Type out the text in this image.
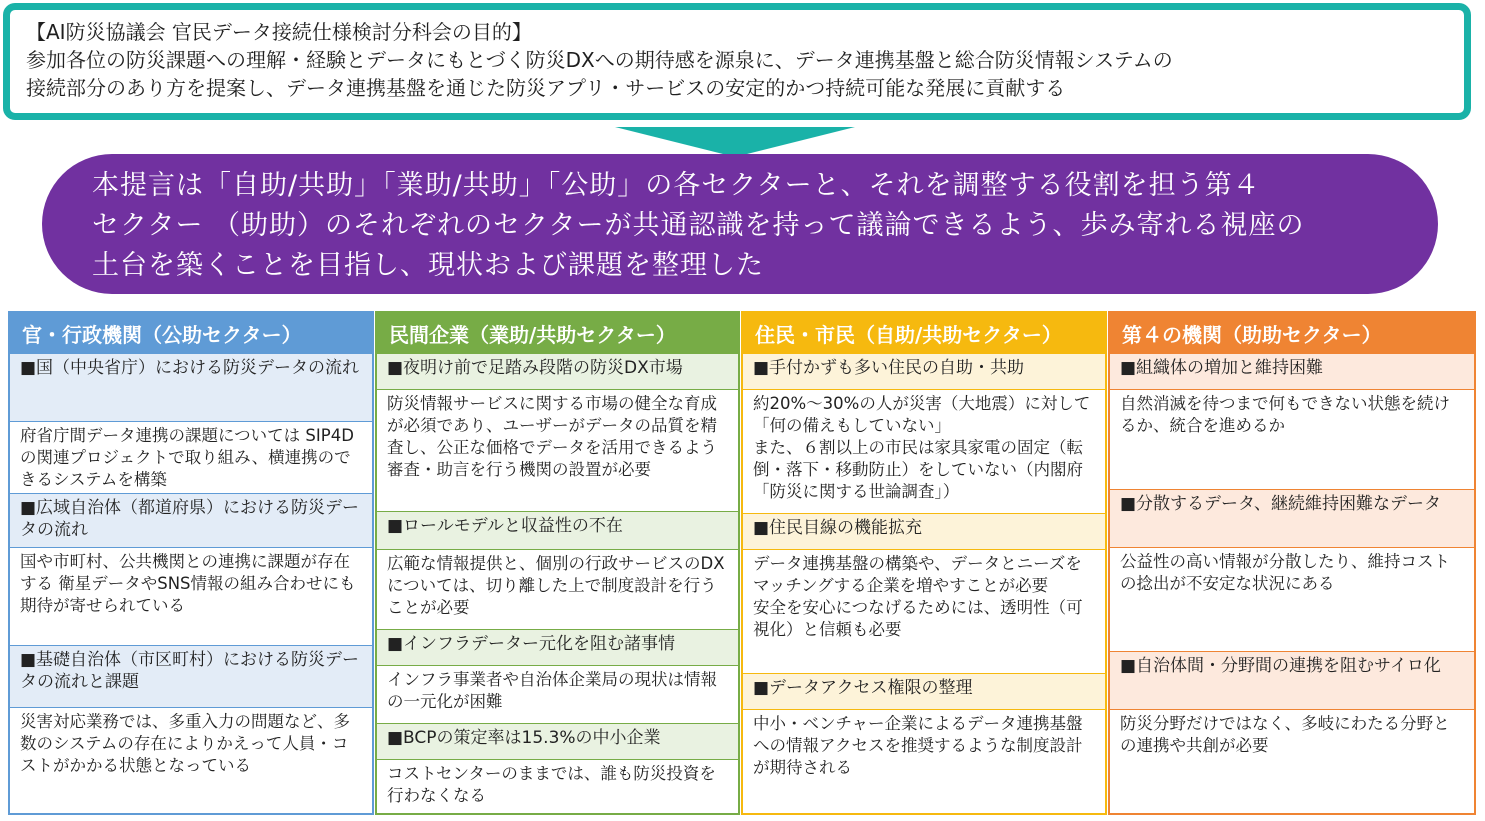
【AI防災協議会 官民データ接続仕様検討分科会の目的】
参加各位の防災課題への理解・経験とデータにもとづく防災DXへの期待感を源泉に、データ連携基盤と総合防災情報システムの
接続部分のあり方を提案し、データ連携基盤を通じた防災アプリ・サービスの安定的かつ持続可能な発展に貢献する
本提言は「自助/共助」「業助/共助」「公助」の各セクターと、それを調整する役割を担う第４
セクター （助助）のそれぞれのセクターが共通認識を持って議論できるよう、歩み寄れる視座の
土台を築くことを目指し、現状および課題を整理した
官・行政機関（公助セクター）
■国（中央省庁）における防災データの流れ
府省庁間データ連携の課題については SIP4Dの関連プロジェクトで取り組み、横連携のできるシステムを構築
■広域自治体（都道府県）における防災データの流れ
国や市町村、公共機関との連携に課題が存在する 衛星データやSNS情報の組み合わせにも期待が寄せられている
■基礎自治体（市区町村）における防災データの流れと課題
災害対応業務では、多重入力の問題など、多数のシステムの存在によりかえって人員・コストがかかる状態となっている
民間企業（業助/共助セクター）
■夜明け前で足踏み段階の防災DX市場
防災情報サービスに関する市場の健全な育成が必須であり、ユーザーがデータの品質を精査し、公正な価格でデータを活用できるよう審査・助言を行う機関の設置が必要
■ロールモデルと収益性の不在
広範な情報提供と、個別の行政サービスのDXについては、切り離した上で制度設計を行うことが必要
■インフラデーター元化を阻む諸事情
インフラ事業者や自治体企業局の現状は情報の一元化が困難
■BCPの策定率は15.3%の中小企業
コストセンターのままでは、誰も防災投資を行わなくなる
住民・市民（自助/共助セクター）
■手付かずも多い住民の自助・共助
約20%～30%の人が災害（大地震）に対して「何の備えもしていない」
また、６割以上の市民は家具家電の固定（転倒・落下・移動防止）をしていない（内閣府「防災に関する世論調査」）
■住民目線の機能拡充
データ連携基盤の構築や、データとニーズをマッチングする企業を増やすことが必要
安全を安心につなげるためには、透明性（可視化）と信頼も必要
■データアクセス権限の整理
中小・ベンチャー企業によるデータ連携基盤への情報アクセスを推奨するような制度設計が期待される
第４の機関（助助セクター）
■組織体の増加と維持困難
自然消滅を待つまで何もできない状態を続けるか、統合を進めるか
■分散するデータ、継続維持困難なデータ
公益性の高い情報が分散したり、維持コストの捻出が不安定な状況にある
■自治体間・分野間の連携を阻むサイロ化
防災分野だけではなく、多岐にわたる分野との連携や共創が必要
